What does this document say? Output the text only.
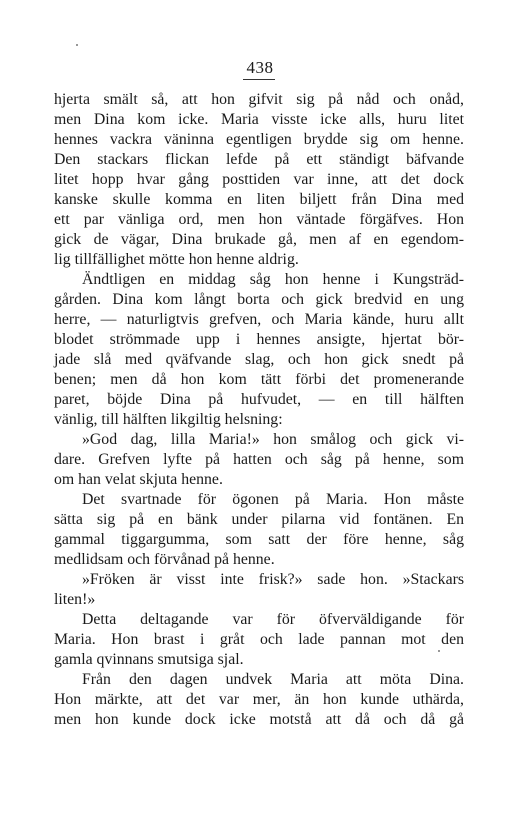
438
hjerta smält så, att hon gifvit sig på nåd och onåd,
men Dina kom icke. Maria visste icke alls, huru litet
hennes vackra väninna egentligen brydde sig om henne.
Den stackars flickan lefde på ett ständigt bäfvande
litet hopp hvar gång posttiden var inne, att det dock
kanske skulle komma en liten biljett från Dina med
ett par vänliga ord, men hon väntade förgäfves. Hon
gick de vägar, Dina brukade gå, men af en egendom-
lig tillfällighet mötte hon henne aldrig.
Ändtligen en middag såg hon henne i Kungsträd-
gården. Dina kom långt borta och gick bredvid en ung
herre, — naturligtvis grefven, och Maria kände, huru allt
blodet strömmade upp i hennes ansigte, hjertat bör-
jade slå med qväfvande slag, och hon gick snedt på
benen; men då hon kom tätt förbi det promenerande
paret, böjde Dina på hufvudet, — en till hälften
vänlig, till hälften likgiltig helsning:
»God dag, lilla Maria!» hon smålog och gick vi-
dare. Grefven lyfte på hatten och såg på henne, som
om han velat skjuta henne.
Det svartnade för ögonen på Maria. Hon måste
sätta sig på en bänk under pilarna vid fontänen. En
gammal tiggargumma, som satt der före henne, såg
medlidsam och förvånad på henne.
»Fröken är visst inte frisk?» sade hon. »Stackars
liten!»
Detta deltagande var för öfverväldigande för
Maria. Hon brast i gråt och lade pannan mot den
gamla qvinnans smutsiga sjal.
Från den dagen undvek Maria att möta Dina.
Hon märkte, att det var mer, än hon kunde uthärda,
men hon kunde dock icke motstå att då och då gå
